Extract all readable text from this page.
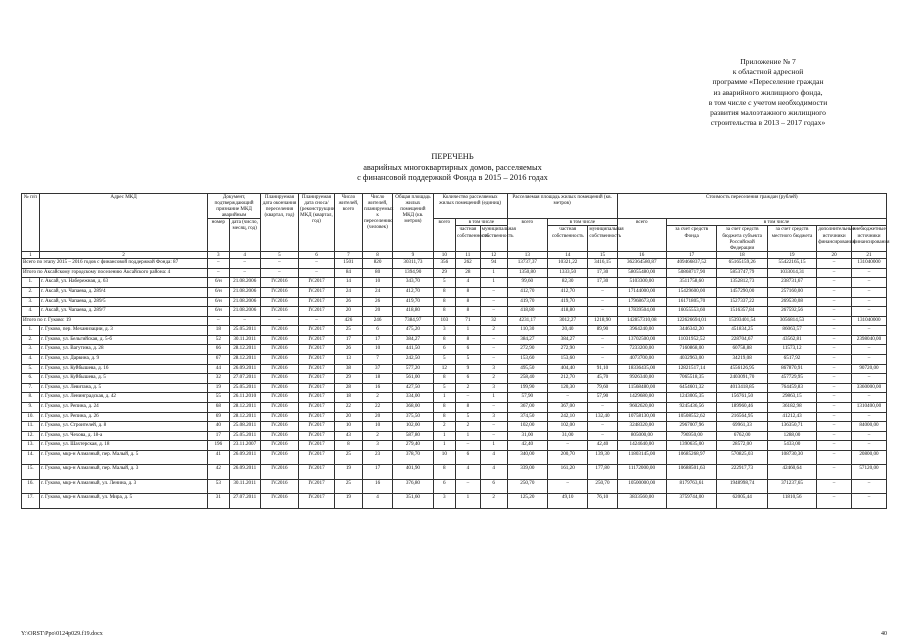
Приложение № 7
к областной адресной
программе «Переселение граждан
из аварийного жилищного фонда,
в том числе с учетом необходимости
развития малоэтажного жилищного
строительства в 2013 – 2017 годах»
ПЕРЕЧЕНЬ
аварийных многоквартирных домов, расселяемых
с финансовой поддержкой Фонда в 2015 – 2016 годах
№ п/п	Адрес МКД	Документ, подтверждающий признание МКД аварийным		Планируемая дата окончания переселения (квартал, год)	Планируемая дата сноса/ (реконструкции МКД (квартал, год)	Число жителей, всего	Число жителей, планируемых к переселению (человек)	Общая площадь жилых помещений МКД (кв. метров)	Количество расселяемых жилых помещений (единиц)			Расселяемая площадь жилых помещений (кв. метров)			Стоимость переселения граждан (рублей)					
		номер	дата (число, месяц, год)						всего	в том числе		всего	в том числе		всего	в том числе				
										частная собственность	муниципальная собственность		частная собственность	муниципальная собственность		за счет средств Фонда	за счет средств бюджета субъекта Российской Федерации	за счет средств местного бюджета	дополнительные источники финансирования	внебюджетные источники финансирования
1	2	3	4	5	6	7	8	9	10	11	12	13	14	15	16	17	18	19	20	21
Всего по этапу 2015 – 2016 годов с финансовой поддержкой Фонда: 87		–	–	–	–	1501	820	30311,73	356	262	94	13737,37	10321,22	3416,15	362364580,87	409466837,52	65165159,26	55422165,15	–	131040000
Итого по Аксайскому городскому поселению Аксайского района: 4		–	–	–	–	84	80	1394,90	29	28	1	1350,80	1333,50	17,30	58055480,00	50868717,90	5853747,79	1033014,31	–	–
1.	г. Аксай, ул. Набережная, д. 63	6/н	21.08.2006	IV.2016	IV.2017	14	10	343,70	5	4	1	99,60	82,30	17,30	5103300,00	3511758,60	1352812,73	238731,67	–	–
2.	г. Аксай, ул. Чапаева, д. 289/4	6/н	21.08.2006	IV.2016	IV.2017	24	24	412,70	8	8	–	412,70	412,70	–	17144000,00	15429600,00	1457290,00	257160,00	–	–
3.	г. Аксай, ул. Чапаева, д. 289/5	6/н	21.08.2006	IV.2016	IV.2017	26	26	419,70	8	8	–	419,70	419,70	–	17968673,00	16171805,70	1527337,22	269530,08	–	–
4.	г. Аксай, ул. Чапаева, д. 289/7	6/н	21.08.2006	IV.2016	IV.2017	20	20	418,80	8	8	–	418,80	418,80	–	17839504,00	16055553,60	1516357,84	267592,56	–	–
Итого по г. Гуково: 19		–	–	–	–	426	246	7384,97	103	71	32	4231,17	3012,27	1218,90	142857310,08	122626694,01	15393401,54	3056814,53	–	131040000
1.	г. Гуково, пер. Механизации, д. 3	18	25.05.2011	IV.2016	IV.2017	25	6	475,20	3	1	2	110,30	20,40	89,90	3964240,00	3446342,20	451834,25	86063,57	–	–
2.	г. Гуково, ул. Бельгийская, д. 5-б	52	30.11.2011	IV.2016	IV.2017	17	17	384,27	8	8	–	384,27	384,27	–	13702500,00	11031952,52	228704,67	43562,81	–	2398040,00
3.	г. Гуково, ул. Вагутина, д. 28	66	28.12.2011	IV.2016	IV.2017	26	10	441,50	6	6	–	272,90	272,90	–	7233200,00	7160868,00	60758,88	11573,12	–	–
4.	г. Гуково, ул. Дарвина, д. 9	67	28.12.2011	IV.2016	IV.2017	13	7	242,50	5	5	–	153,60	153,60	–	4073700,00	4032963,00	34219,08	6517,92	–	–
5.	г. Гуково, ул. Куйбышева, д. 16	44	26.09.2011	IV.2016	IV.2017	38	37	577,20	12	9	3	495,50	404,40	91,10	18336435,00	12821517,14	4556126,95	867870,91	–	90720,00
6.	г. Гуково, ул. Куйбышева, д. 5	32	27.07.2011	IV.2016	IV.2017	29	18	561,00	8	6	2	258,40	212,70	45,70	9926340,00	7065518,35	2403091,70	457729,95	–	–
7.	г. Гуково, ул. Левитана, д. 5	19	25.05.2011	IV.2016	IV.2017	28	16	427,50	5	2	3	199,90	120,30	79,60	11568480,00	6454601,32	4013418,85	764459,83	–	3360000,00
8.	г. Гуково, ул. Ленинградская, д. 42	55	26.11.2010	IV.2016	IV.2017	18	2	334,00	1	–	1	57,90	–	57,90	1429680,00	1243005,35	156761,50	29863,15	–	–
9.	г. Гуково, ул. Репина, д. 24	68	28.12.2011	IV.2016	IV.2017	22	22	368,00	8	8	–	367,00	367,00	–	9602620,00	9245436,56	189960,46	36182,98	–	1310400,00
10.	г. Гуково, ул. Репина, д. 26	69	28.12.2011	IV.2016	IV.2017	20	20	375,50	8	5	3	374,50	242,10	132,40	10758130,00	10508552,62	216564,95	41212,43	–	–
11.	г. Гуково, ул. Строителей, д. 8	40	25.08.2011	IV.2016	IV.2017	10	10	102,00	2	2	–	102,00	102,00	–	3248320,00	2967007,96	69961,33	136350,71	–	84000,00
12.	г. Гуково, ул. Чехова, д. 18-а	17	25.05.2011	IV.2016	IV.2017	43	2	587,80	1	1	–	31,00	31,00	–	805000,00	796950,00	6762,00	1288,00	–	–
13.	г. Гуково, ул. Шахтерская, д. 18	196	23.11.2007	IV.2016	IV.2017	8	3	279,40	1	–	1	42,40	–	42,40	1424640,00	1390635,00	28572,00	5433,00	–	–
14.	г. Гуково, мкр-н Алмазный, пер. Малый, д. 5	41	26.09.2011	IV.2016	IV.2017	25	23	378,70	10	6	4	340,00	200,70	139,30	11803145,00	10685268,97	570825,03	108730,30	–	20800,00
15.	г. Гуково, мкр-н Алмазный, пер. Малый, д. 3	42	26.09.2011	IV.2016	IV.2017	19	17	401,90	8	4	4	339,00	161,20	177,80	11172000,00	10688501,63	222917,73	42460,64	–	57120,00
16.	г. Гуково, мкр-н Алмазный, ул. Ленина, д. 3	53	30.11.2011	IV.2016	IV.2017	25	16	376,80	6	–	6	250,70	–	250,70	10500000,00	8179763,61	1948998,74	371237,65	–	–
17.	г. Гуково, мкр-н Алмазный, ул. Мира, д. 5	31	27.07.2011	IV.2016	IV.2017	19	4	351,60	3	1	2	125,20	49,10	76,10	3833560,00	3759744,00	62005,44	11810,56	–	–
Y:\ORST\Ppo\0124p029.f19.docx	40
